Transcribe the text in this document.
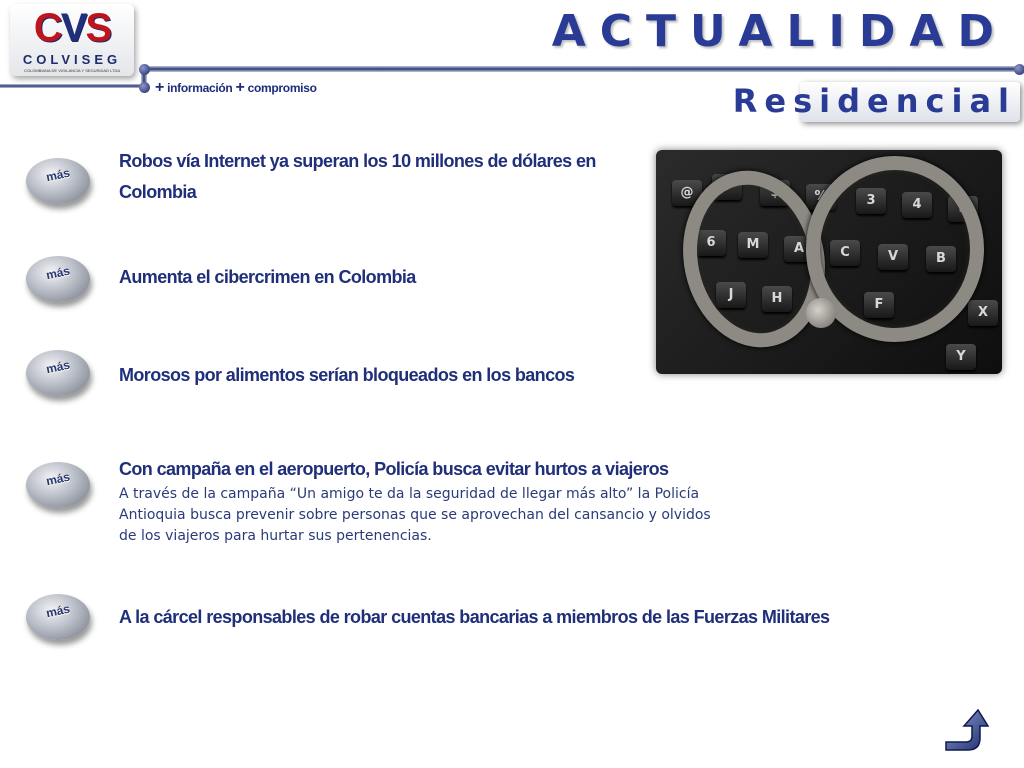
CVS
COLVISEG
COLOMBIANA DE VIGILANCIA Y SEGURIDAD LTDA
+ información + compromiso
ACTUALIDAD
Residencial
más
Robos vía Internet ya superan los 10 millones de dólares en
Colombia
más	Aumenta el cibercrimen en Colombia
más	Morosos por alimentos serían bloqueados en los bancos
más	Con campaña en el aeropuerto, Policía busca evitar hurtos a viajeros
A través de la campaña “Un amigo te da la seguridad de llegar más alto” la Policía Antioquia busca prevenir sobre personas que se aprovechan del cansancio y olvidos de los viajeros para hurtar sus pertenencias.
más	A la cárcel responsables de robar cuentas bancarias a miembros de las Fuerzas Militares
@	#	$	%	3	4	5
6	M	A	C	V	B
J	H	F
X
Y
